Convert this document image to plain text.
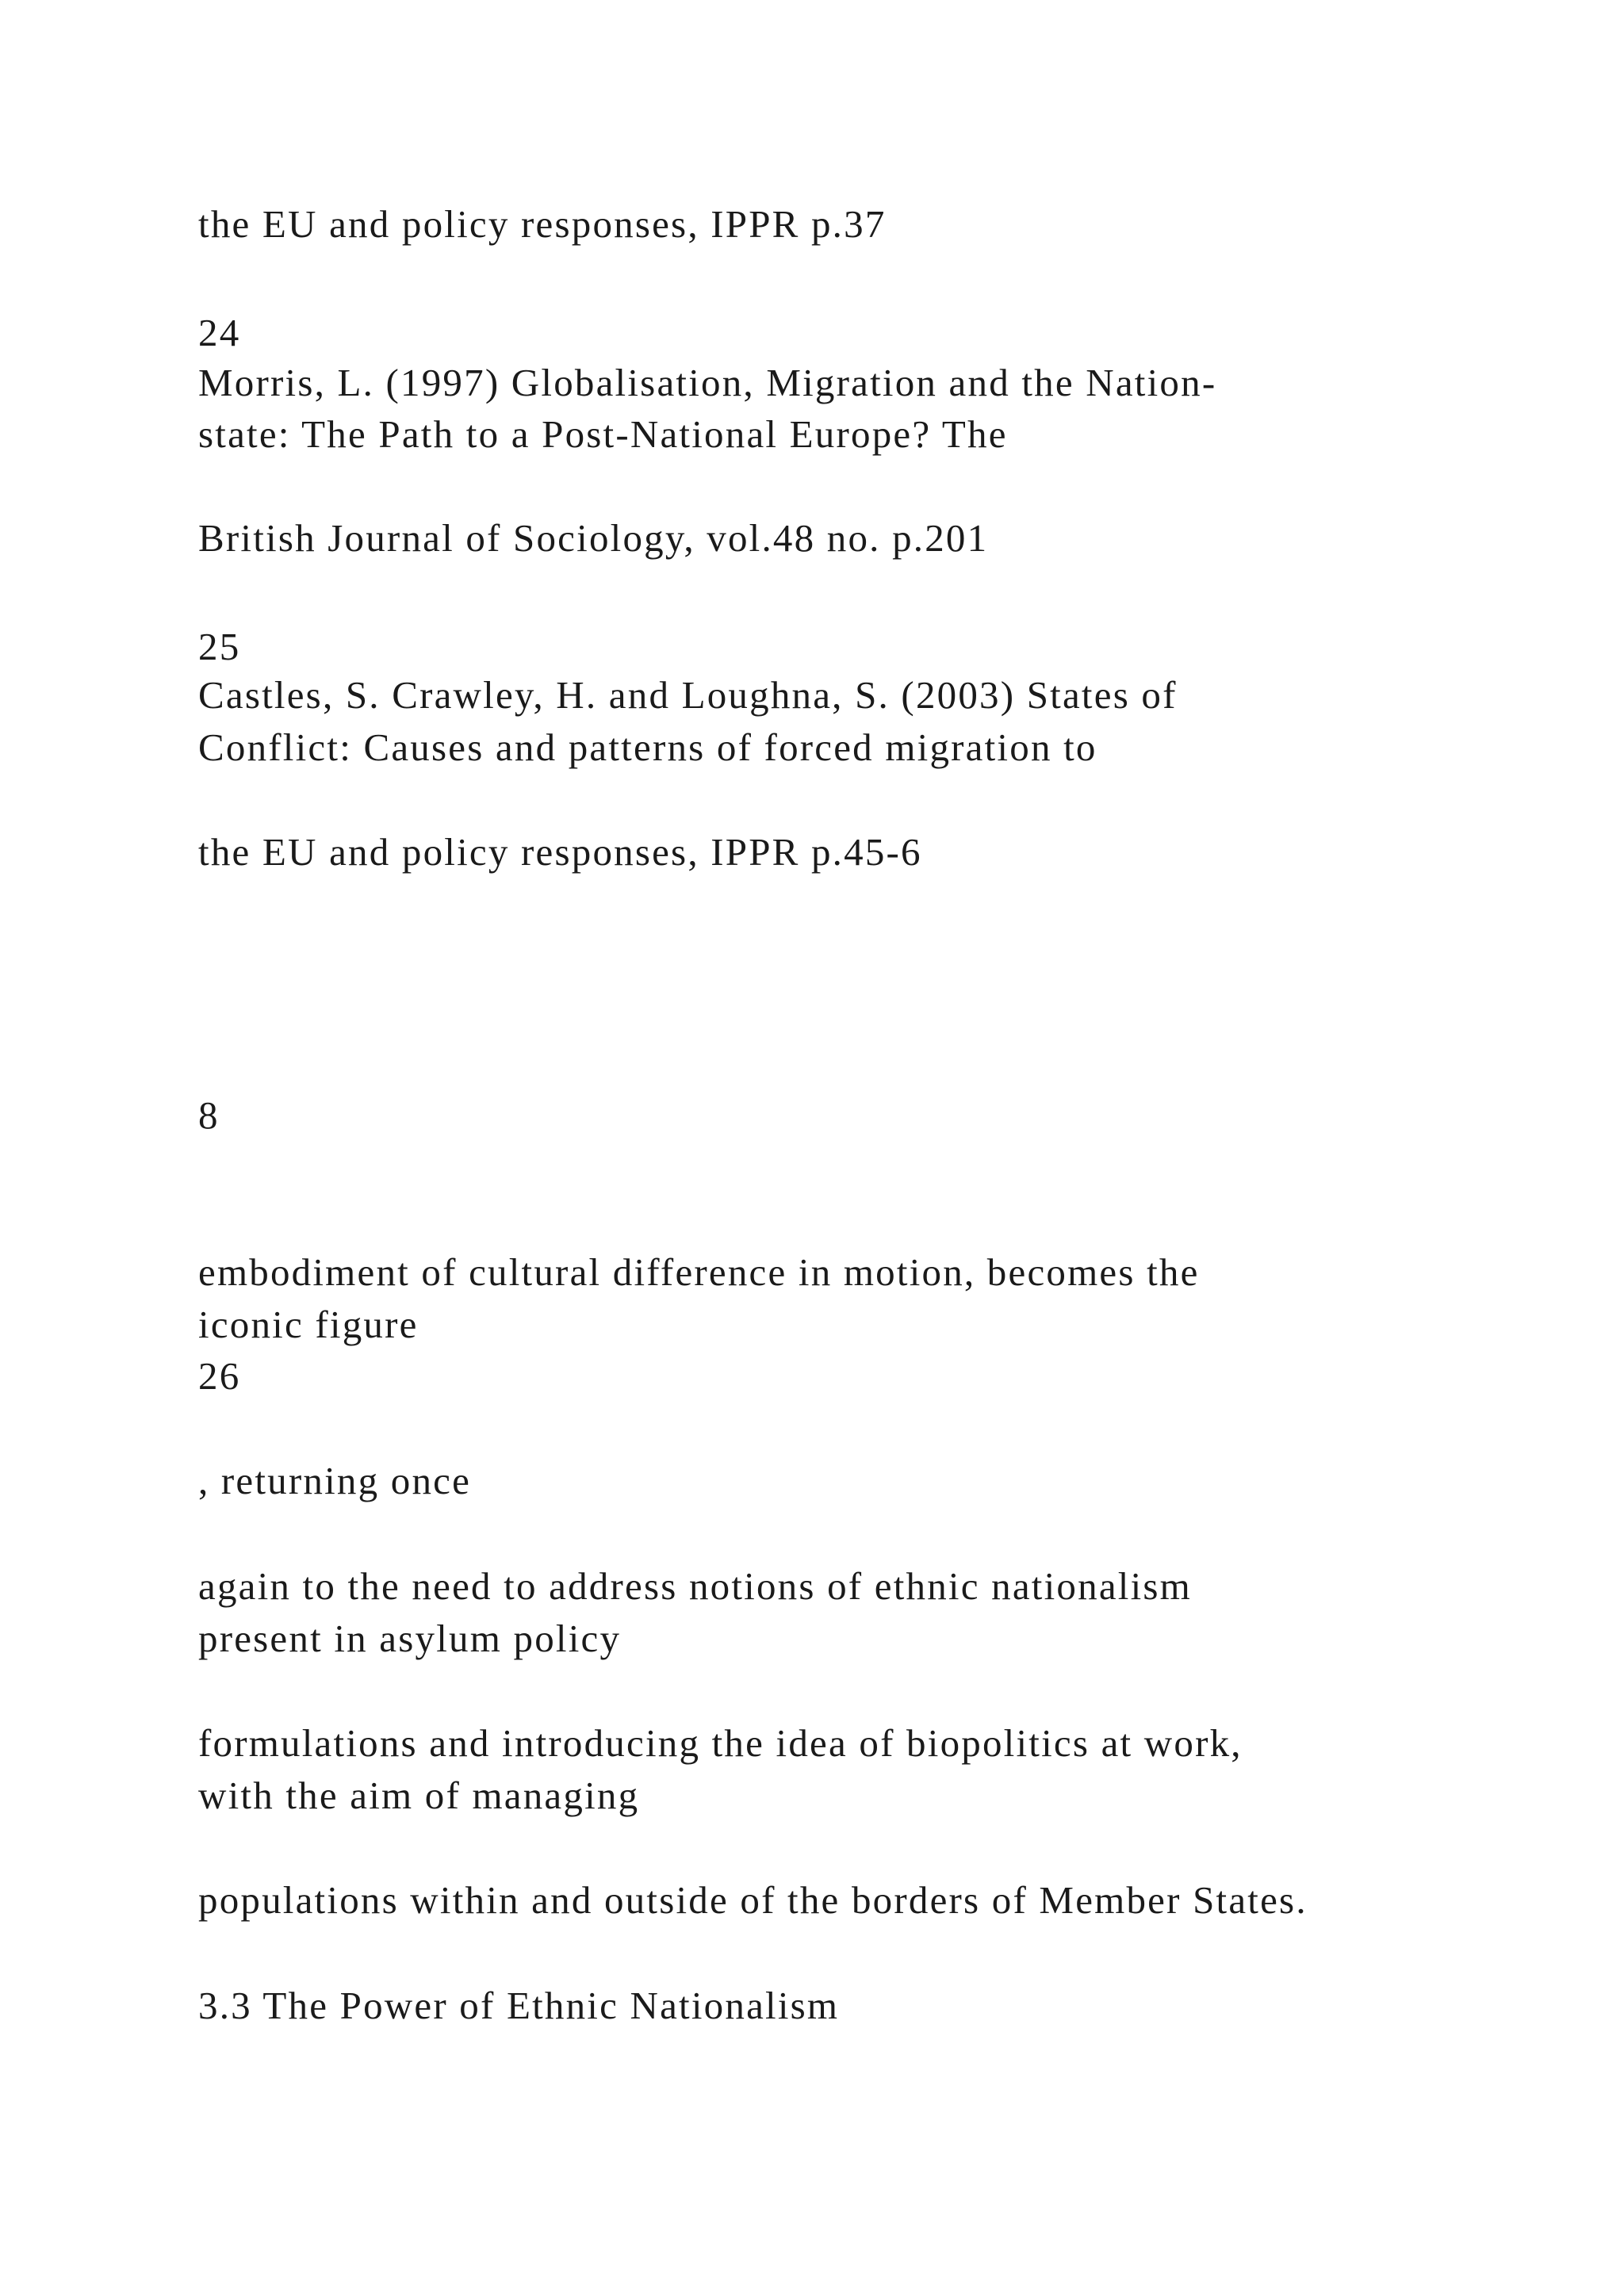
the EU and policy responses, IPPR p.37
24
Morris, L. (1997) Globalisation, Migration and the Nation-
state: The Path to a Post-National Europe? The
British Journal of Sociology, vol.48 no. p.201
25
Castles, S. Crawley, H. and Loughna, S. (2003) States of
Conflict: Causes and patterns of forced migration to
the EU and policy responses, IPPR p.45-6
8
embodiment of cultural difference in motion, becomes the
iconic figure
26
, returning once
again to the need to address notions of ethnic nationalism
present in asylum policy
formulations and introducing the idea of biopolitics at work,
with the aim of managing
populations within and outside of the borders of Member States.
3.3 The Power of Ethnic Nationalism
